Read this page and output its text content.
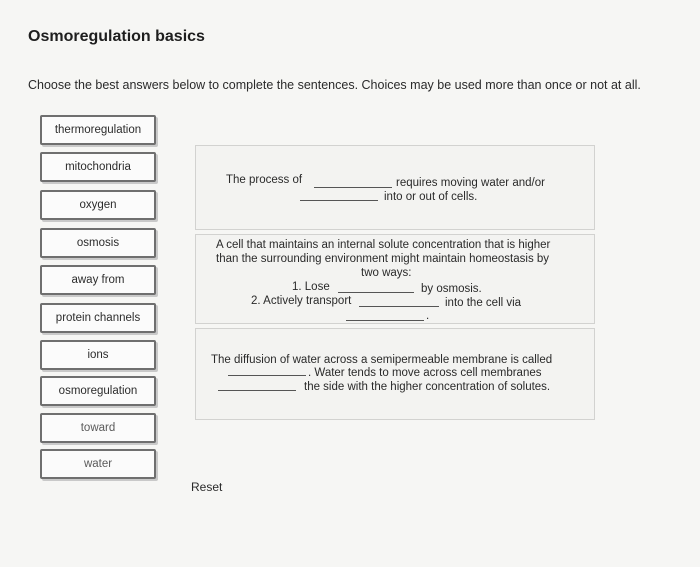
Osmoregulation basics
Choose the best answers below to complete the sentences. Choices may be used more than once or not at all.
thermoregulation
mitochondria
oxygen
osmosis
away from
protein channels
ions
osmoregulation
toward
water
The process of	requires moving water and/or
into or out of cells.
A cell that maintains an internal solute concentration that is higher
than the surrounding environment might maintain homeostasis by
two ways:
1. Lose	by osmosis.
2. Actively transport	into the cell via
.
The diffusion of water across a semipermeable membrane is called
. Water tends to move across cell membranes
the side with the higher concentration of solutes.
Reset
